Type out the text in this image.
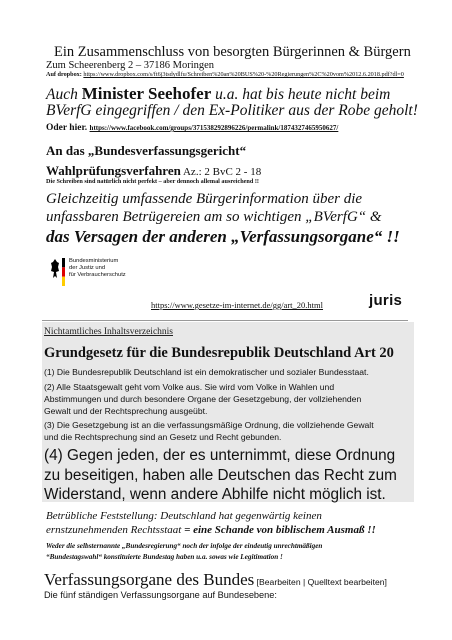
Ein Zusammenschluss von besorgten Bürgerinnen & Bürgern
Zum Scheerenberg 2 – 37186 Moringen
Auf dropbox: https://www.dropbox.com/s/ft6j3tsdydlfu/Schreiben%20an%20BUS%20-%20Regierungen%2C%20vom%2012.6.2018.pdf?dl=0
Auch Minister Seehofer u.a. hat bis heute nicht beim
BVerfG eingegriffen / den Ex-Politiker aus der Robe geholt!
Oder hier. https://www.facebook.com/groups/371538292896226/permalink/1874327465950627/
An das „Bundesverfassungsgericht“
Wahlprüfungsverfahren Az.: 2 BvC 2 - 18
Die Schreiben sind natürlich nicht perfekt – aber dennoch allemal ausreichend !!
Gleichzeitig umfassende Bürgerinformation über die
unfassbaren Betrügereien am so wichtigen „BVerfG“ &
das Versagen der anderen „Verfassungsorgane“ !!
Bundesministerium
der Justiz und
für Verbraucherschutz
https://www.gesetze-im-internet.de/gg/art_20.html	juris
Nichtamtliches Inhaltsverzeichnis
Grundgesetz für die Bundesrepublik Deutschland Art 20
(1) Die Bundesrepublik Deutschland ist ein demokratischer und sozialer Bundesstaat.
(2) Alle Staatsgewalt geht vom Volke aus. Sie wird vom Volke in Wahlen und
Abstimmungen und durch besondere Organe der Gesetzgebung, der vollziehenden
Gewalt und der Rechtsprechung ausgeübt.
(3) Die Gesetzgebung ist an die verfassungsmäßige Ordnung, die vollziehende Gewalt
und die Rechtsprechung sind an Gesetz und Recht gebunden.
(4) Gegen jeden, der es unternimmt, diese Ordnung
zu beseitigen, haben alle Deutschen das Recht zum
Widerstand, wenn andere Abhilfe nicht möglich ist.
Betrübliche Feststellung: Deutschland hat gegenwärtig keinen
ernstzunehmenden Rechtsstaat = eine Schande von biblischem Ausmaß !!
Weder die selbsternannte „Bundesregierung“ noch der infolge der eindeutig unrechtmäßigen
“Bundestagswahl“ konstituierte Bundestag haben u.a. sowas wie Legitimation !
Verfassungsorgane des Bundes [Bearbeiten | Quelltext bearbeiten]
Die fünf ständigen Verfassungsorgane auf Bundesebene:
